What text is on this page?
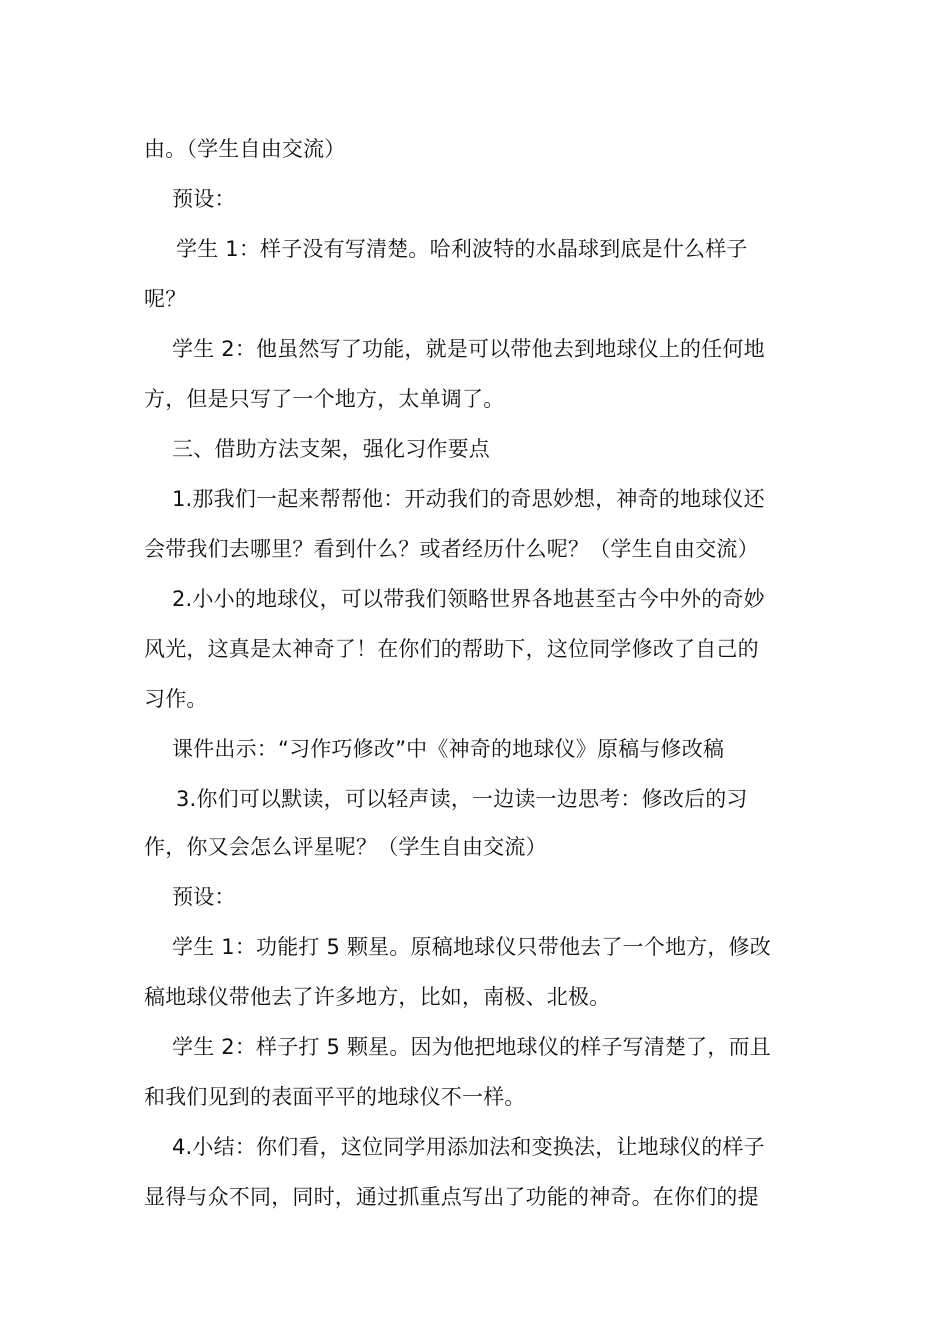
由。（学生自由交流）
预设：
学生 1：样子没有写清楚。哈利波特的水晶球到底是什么样子
呢？
学生 2：他虽然写了功能，就是可以带他去到地球仪上的任何地
方，但是只写了一个地方，太单调了。
三、借助方法支架，强化习作要点
1.那我们一起来帮帮他：开动我们的奇思妙想，神奇的地球仪还
会带我们去哪里？看到什么？或者经历什么呢？（学生自由交流）
2.小小的地球仪，可以带我们领略世界各地甚至古今中外的奇妙
风光，这真是太神奇了！在你们的帮助下，这位同学修改了自己的
习作。
课件出示：“习作巧修改”中《神奇的地球仪》原稿与修改稿
3.你们可以默读，可以轻声读，一边读一边思考：修改后的习
作，你又会怎么评星呢？（学生自由交流）
预设：
学生 1：功能打 5 颗星。原稿地球仪只带他去了一个地方，修改
稿地球仪带他去了许多地方，比如，南极、北极。
学生 2：样子打 5 颗星。因为他把地球仪的样子写清楚了，而且
和我们见到的表面平平的地球仪不一样。
4.小结：你们看，这位同学用添加法和变换法，让地球仪的样子
显得与众不同，同时，通过抓重点写出了功能的神奇。在你们的提
